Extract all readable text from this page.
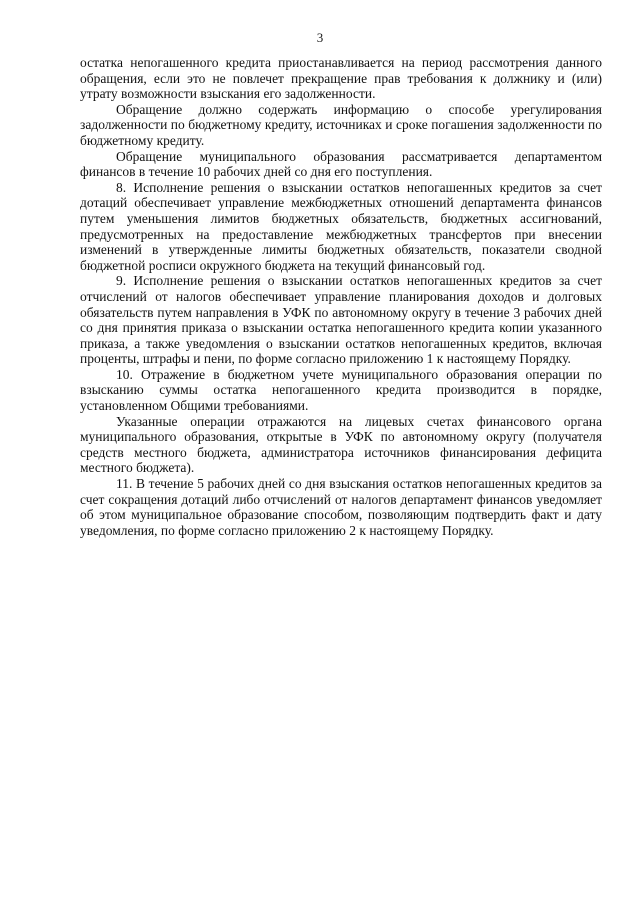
3

остатка непогашенного кредита приостанавливается на период рассмотрения данного обращения, если это не повлечет прекращение прав требования к должнику и (или) утрату возможности взыскания его задолженности.

Обращение должно содержать информацию о способе урегулирования задолженности по бюджетному кредиту, источниках и сроке погашения задолженности по бюджетному кредиту.

Обращение муниципального образования рассматривается департаментом финансов в течение 10 рабочих дней со дня его поступления.

8. Исполнение решения о взыскании остатков непогашенных кредитов за счет дотаций обеспечивает управление межбюджетных отношений департамента финансов путем уменьшения лимитов бюджетных обязательств, бюджетных ассигнований, предусмотренных на предоставление межбюджетных трансфертов при внесении изменений в утвержденные лимиты бюджетных обязательств, показатели сводной бюджетной росписи окружного бюджета на текущий финансовый год.

9. Исполнение решения о взыскании остатков непогашенных кредитов за счет отчислений от налогов обеспечивает управление планирования доходов и долговых обязательств путем направления в УФК по автономному округу в течение 3 рабочих дней со дня принятия приказа о взыскании остатка непогашенного кредита копии указанного приказа, а также уведомления о взыскании остатков непогашенных кредитов, включая проценты, штрафы и пени, по форме согласно приложению 1 к настоящему Порядку.

10. Отражение в бюджетном учете муниципального образования операции по взысканию суммы остатка непогашенного кредита производится в порядке, установленном Общими требованиями.

Указанные операции отражаются на лицевых счетах финансового органа муниципального образования, открытые в УФК по автономному округу (получателя средств местного бюджета, администратора источников финансирования дефицита местного бюджета).

11. В течение 5 рабочих дней со дня взыскания остатков непогашенных кредитов за счет сокращения дотаций либо отчислений от налогов департамент финансов уведомляет об этом муниципальное образование способом, позволяющим подтвердить факт и дату уведомления, по форме согласно приложению 2 к настоящему Порядку.
